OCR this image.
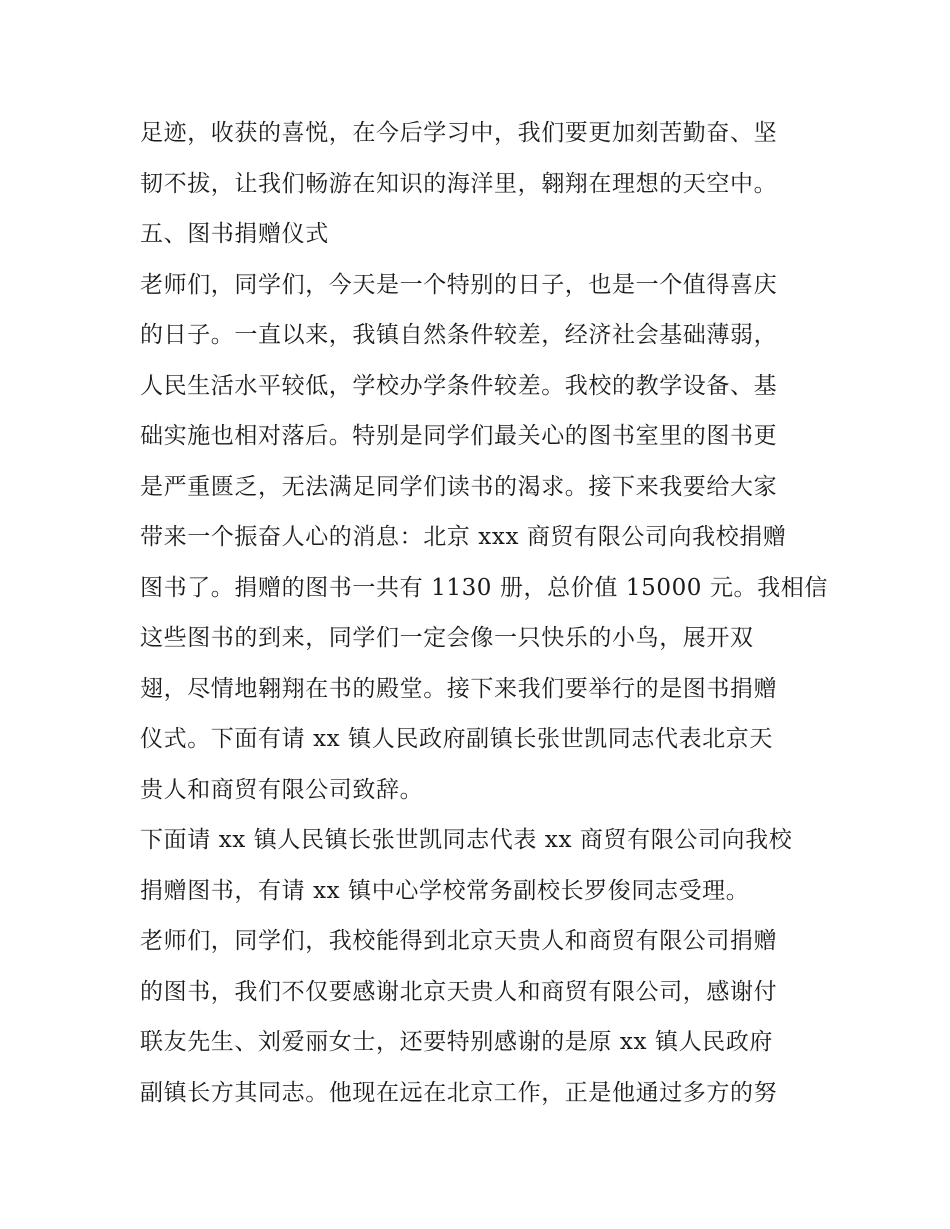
足迹，收获的喜悦，在今后学习中，我们要更加刻苦勤奋、坚
韧不拔，让我们畅游在知识的海洋里，翱翔在理想的天空中。
五、图书捐赠仪式
老师们，同学们，今天是一个特别的日子，也是一个值得喜庆
的日子。一直以来，我镇自然条件较差，经济社会基础薄弱，
人民生活水平较低，学校办学条件较差。我校的教学设备、基
础实施也相对落后。特别是同学们最关心的图书室里的图书更
是严重匮乏，无法满足同学们读书的渴求。接下来我要给大家
带来一个振奋人心的消息：北京 xxx 商贸有限公司向我校捐赠
图书了。捐赠的图书一共有 1130 册，总价值 15000 元。我相信
这些图书的到来，同学们一定会像一只快乐的小鸟，展开双
翅，尽情地翱翔在书的殿堂。接下来我们要举行的是图书捐赠
仪式。下面有请 xx 镇人民政府副镇长张世凯同志代表北京天
贵人和商贸有限公司致辞。
下面请 xx 镇人民镇长张世凯同志代表 xx 商贸有限公司向我校
捐赠图书，有请 xx 镇中心学校常务副校长罗俊同志受理。
老师们，同学们，我校能得到北京天贵人和商贸有限公司捐赠
的图书，我们不仅要感谢北京天贵人和商贸有限公司，感谢付
联友先生、刘爱丽女士，还要特别感谢的是原 xx 镇人民政府
副镇长方其同志。他现在远在北京工作，正是他通过多方的努
